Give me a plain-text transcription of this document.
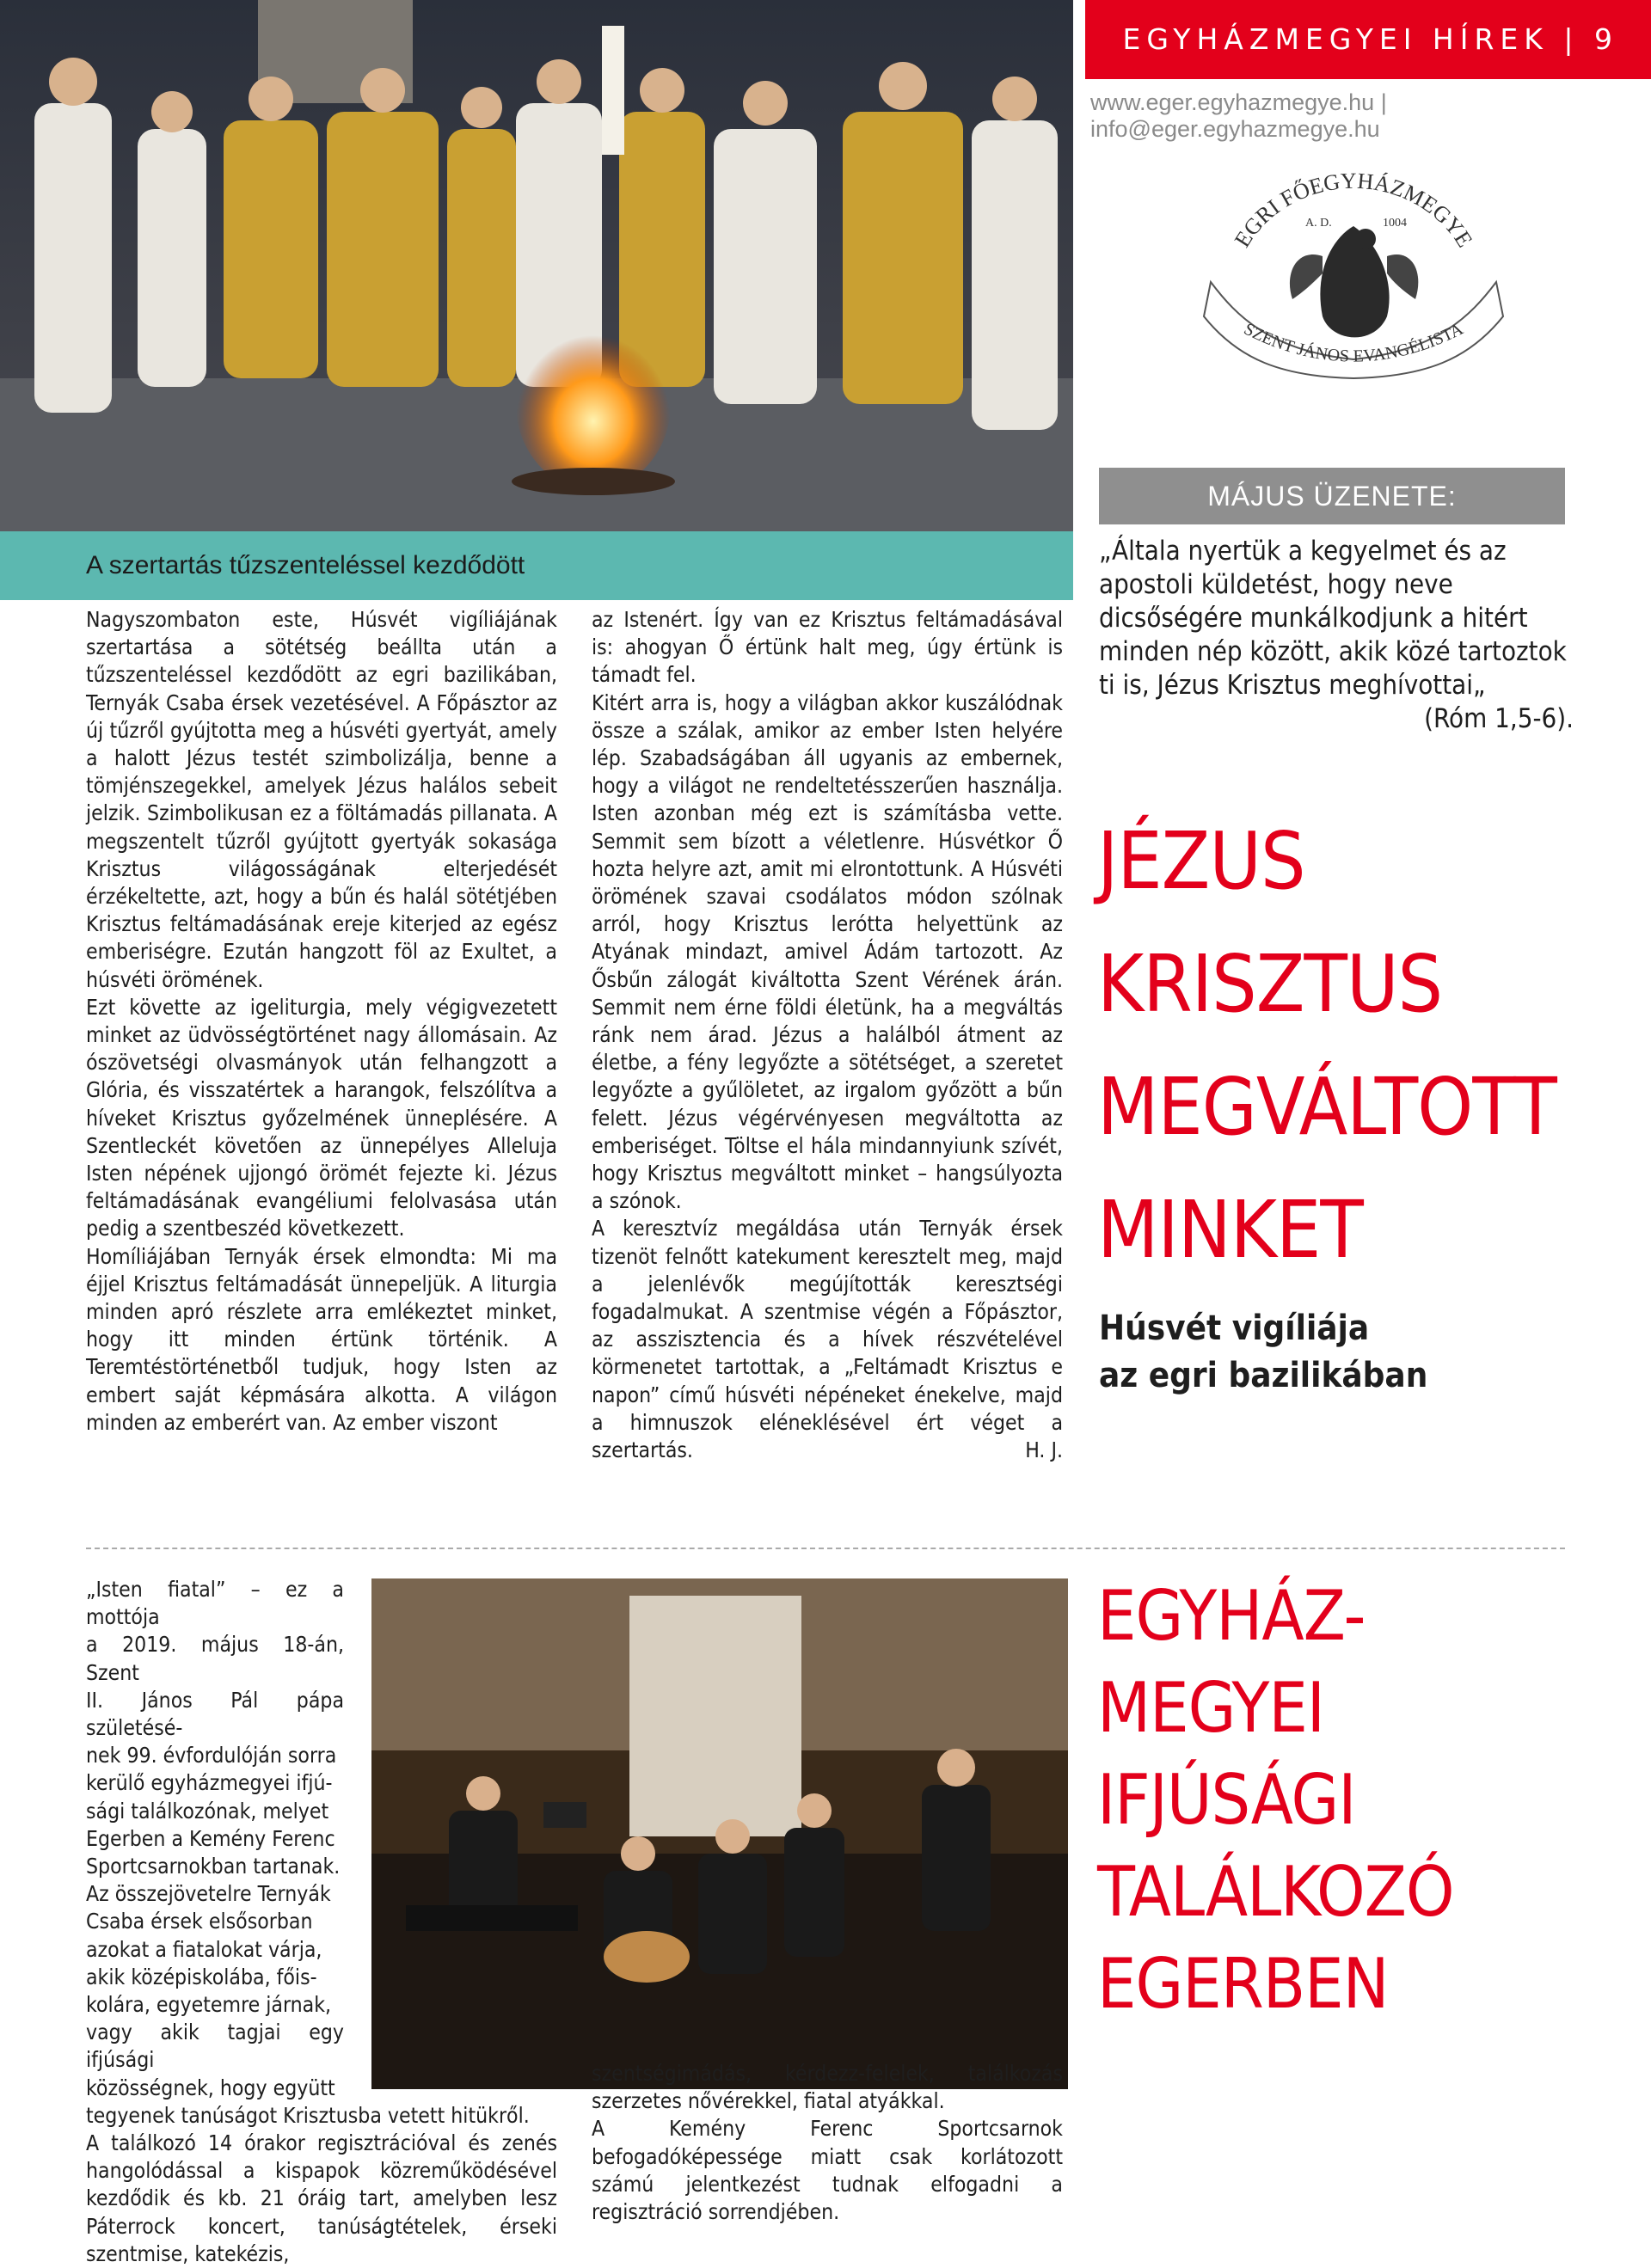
A szertartás tűzszenteléssel kezdődött
EGYHÁZMEGYEI HÍREK | 9
www.eger.egyhazmegye.hu | info@eger.egyhazmegye.hu
EGRI FŐEGYHÁZMEGYE
A. D.	1004
SZENT JÁNOS EVANGÉLISTA
MÁJUS ÜZENETE:
„Általa nyertük a kegyelmet és az apostoli küldetést, hogy neve dicsőségére munkálkodjunk a hitért minden nép között, akik közé tartoztok ti is, Jézus Krisztus meghívottai„
(Róm 1,5-6).

Nagyszombaton este, Húsvét vigíliájának szertartása a sötétség beállta után a tűzszenteléssel kezdődött az egri bazilikában, Ternyák Csaba érsek vezetésével. A Főpásztor az új tűzről gyújtotta meg a húsvéti gyertyát, amely a halott Jézus testét szimbolizálja, benne a tömjénszegekkel, amelyek Jézus halálos sebeit jelzik. Szimbolikusan ez a föltámadás pillanata. A megszentelt tűzről gyújtott gyertyák sokasága Krisztus világosságának elterjedését érzékeltette, azt, hogy a bűn és halál sötétjében Krisztus feltámadásának ereje kiterjed az egész emberiségre. Ezután hangzott föl az Exultet, a húsvéti örömének.

Ezt követte az igeliturgia, mely végigvezetett minket az üdvösségtörténet nagy állomásain. Az ószövetségi olvasmányok után felhangzott a Glória, és visszatértek a harangok, felszólítva a híveket Krisztus győzelmének ünneplésére. A Szentleckét követően az ünnepélyes Alleluja Isten népének ujjongó örömét fejezte ki. Jézus feltámadásának evangéliumi felolvasása után pedig a szentbeszéd következett.

Homíliájában Ternyák érsek elmondta: Mi ma éjjel Krisztus feltámadását ünnepeljük. A liturgia minden apró részlete arra emlékeztet minket, hogy itt minden értünk történik. A Teremtéstörténetből tudjuk, hogy Isten az embert saját képmására alkotta. A világon minden az emberért van. Az ember viszont

az Istenért. Így van ez Krisztus feltámadásával is: ahogyan Ő értünk halt meg, úgy értünk is támadt fel.

Kitért arra is, hogy a világban akkor kuszálódnak össze a szálak, amikor az ember Isten helyére lép. Szabadságában áll ugyanis az embernek, hogy a világot ne rendeltetésszerűen használja. Isten azonban még ezt is számításba vette. Semmit sem bízott a véletlenre. Húsvétkor Ő hozta helyre azt, amit mi elrontottunk. A Húsvéti örömének szavai csodálatos módon szólnak arról, hogy Krisztus lerótta helyettünk az Atyának mindazt, amivel Ádám tartozott. Az Ősbűn zálogát kiváltotta Szent Vérének árán. Semmit nem érne földi életünk, ha a megváltás ránk nem árad. Jézus a halálból átment az életbe, a fény legyőzte a sötétséget, a szeretet legyőzte a gyűlöletet, az irgalom győzött a bűn felett. Jézus végérvényesen megváltotta az emberiséget. Töltse el hála mindannyiunk szívét, hogy Krisztus megváltott minket – hangsúlyozta a szónok.

A keresztvíz megáldása után Ternyák érsek tizenöt felnőtt katekument keresztelt meg, majd a jelenlévők megújították keresztségi fogadalmukat. A szentmise végén a Főpásztor, az asszisztencia és a hívek részvételével körmenetet tartottak, a „Feltámadt Krisztus e napon” című húsvéti népéneket énekelve, majd a himnuszok eléneklésével ért véget a szertartás.	H. J.

JÉZUS
KRISZTUS
MEGVÁLTOTT
MINKET
Húsvét vigíliája
az egri bazilikában
„Isten fiatal” – ez a mottója
a 2019. május 18-án, Szent
II. János Pál pápa születésé-
nek 99. évfordulóján sorra
kerülő egyházmegyei ifjú-
sági találkozónak, melyet
Egerben a Kemény Ferenc
Sportcsarnokban tartanak.
Az összejövetelre Ternyák
Csaba érsek elsősorban
azokat a fiatalokat várja,
akik középiskolába, főis-
kolára, egyetemre járnak,
vagy akik tagjai egy ifjúsági
közösségnek, hogy együtt
tegyenek tanúságot Krisztusba vetett hitükről.
A találkozó 14 órakor regisztrációval és zenés hangolódással a kispapok közreműködésével kezdődik és kb. 21 óráig tart, amelyben lesz Páterrock koncert, tanúságtételek, érseki szentmise, katekézis,

szentségimádás, kérdezz-felelek, találkozás szerzetes nővérekkel, fiatal atyákkal.

A Kemény Ferenc Sportcsarnok befogadóképessége miatt csak korlátozott számú jelentkezést tudnak elfogadni a regisztráció sorrendjében.

EGYHÁZ-
MEGYEI
IFJÚSÁGI
TALÁLKOZÓ
EGERBEN
